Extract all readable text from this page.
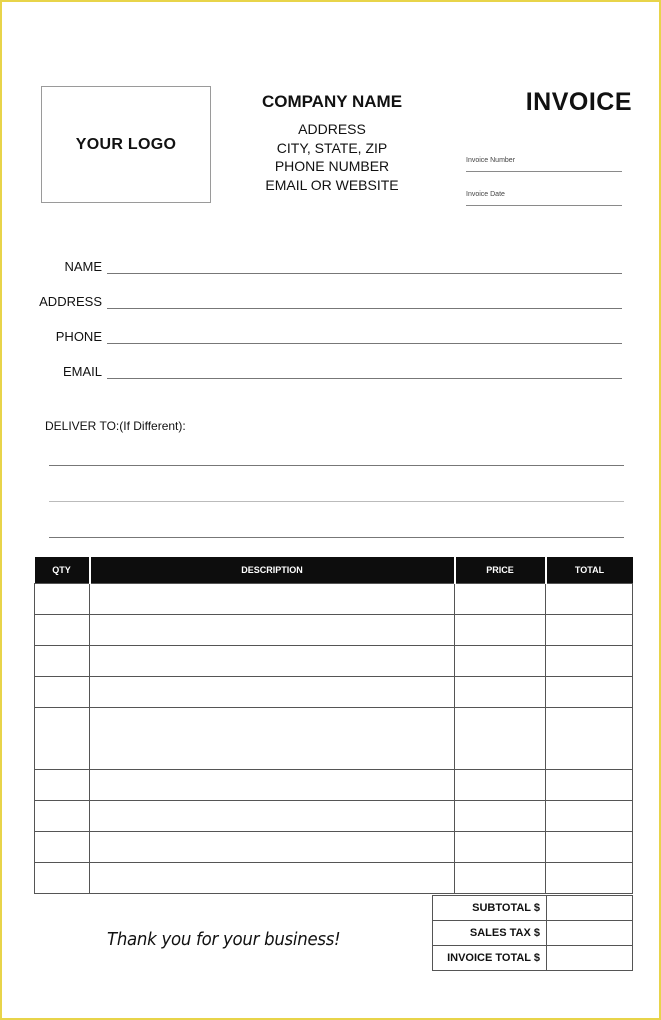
YOUR LOGO
COMPANY NAME
ADDRESS
CITY, STATE, ZIP
PHONE NUMBER
EMAIL OR WEBSITE
INVOICE
Invoice Number
Invoice Date
NAME
ADDRESS
PHONE
EMAIL
DELIVER TO:(If Different):
QTY	DESCRIPTION	PRICE	TOTAL

SUBTOTAL $	
SALES TAX $	
INVOICE TOTAL $	
Thank you for your business!
